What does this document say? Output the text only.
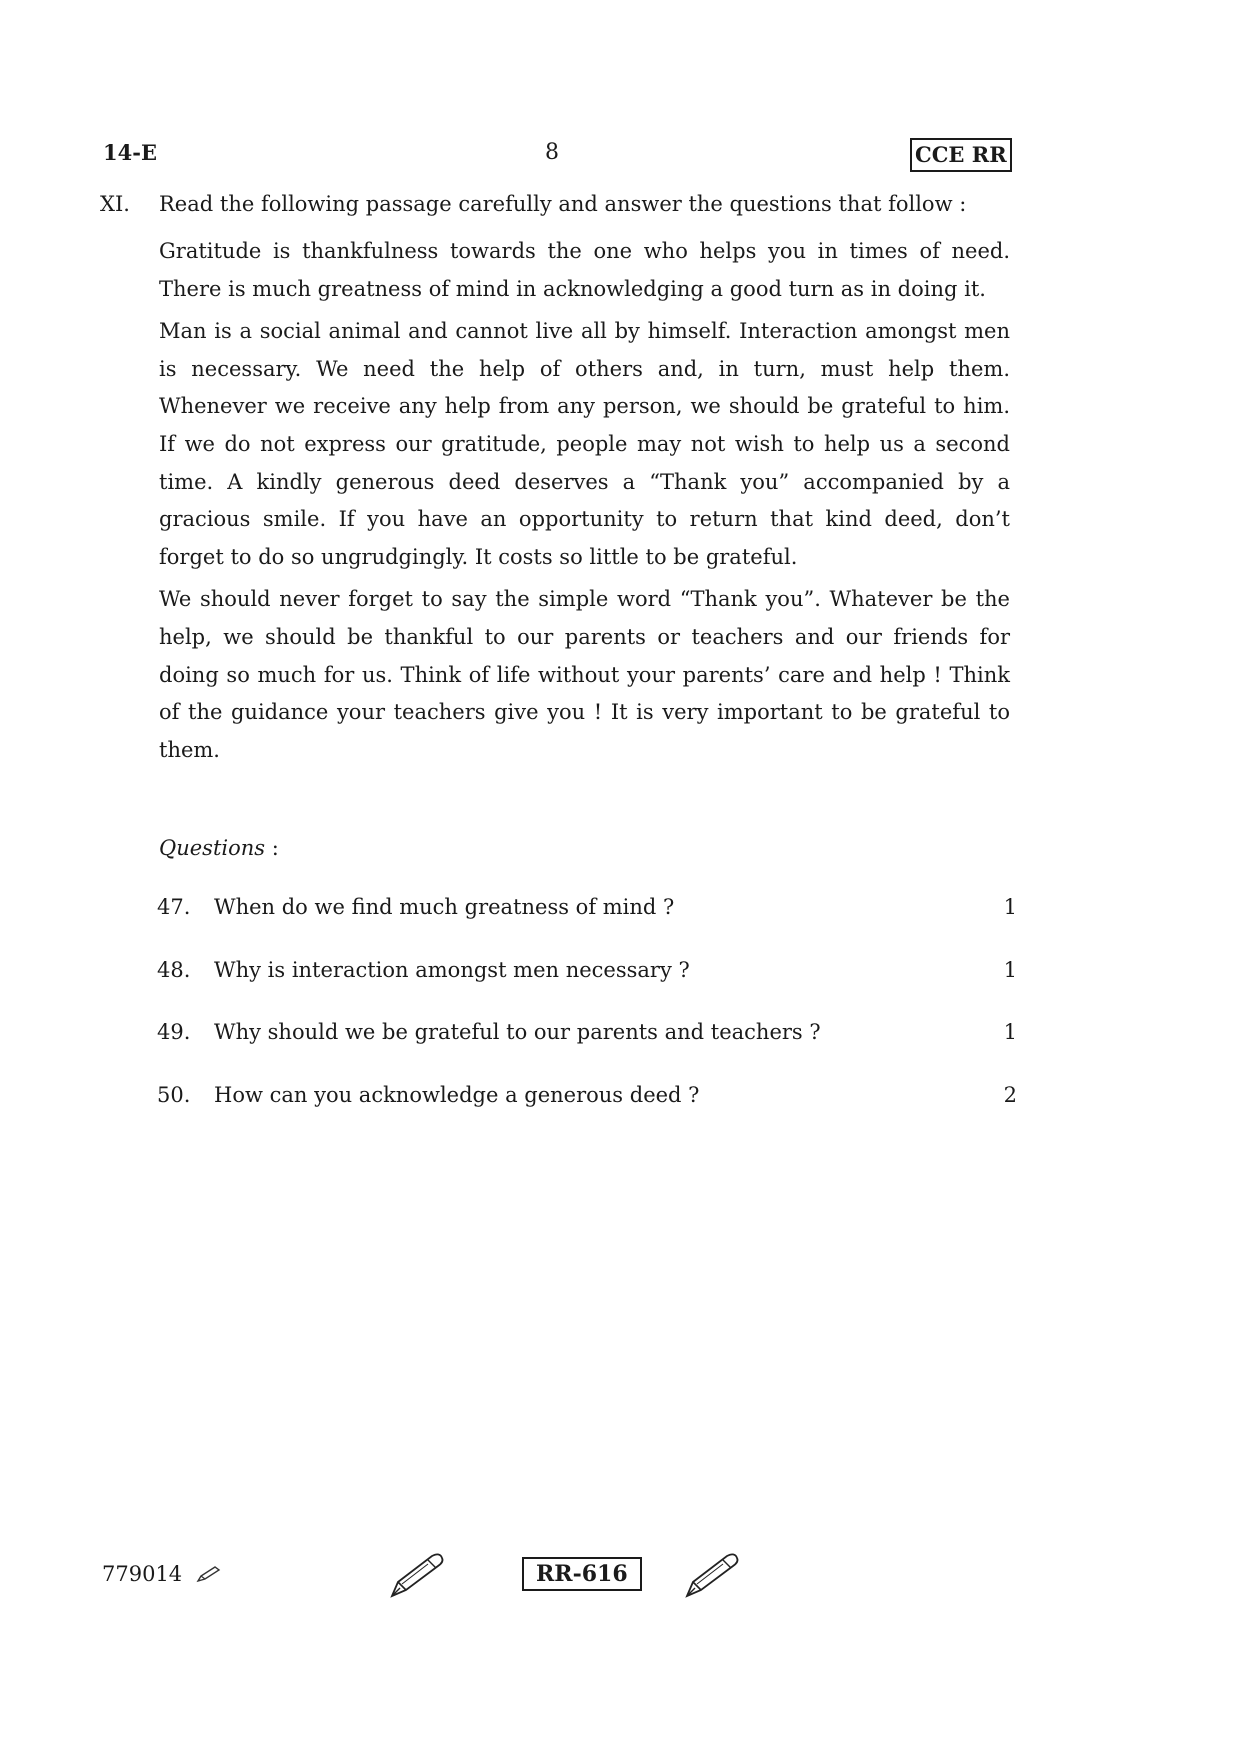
14-E	8	CCE RR
XI. Read the following passage carefully and answer the questions that follow :

Gratitude is thankfulness towards the one who helps you in times of need. There is much greatness of mind in acknowledging a good turn as in doing it.

Man is a social animal and cannot live all by himself. Interaction amongst men is necessary. We need the help of others and, in turn, must help them. Whenever we receive any help from any person, we should be grateful to him. If we do not express our gratitude, people may not wish to help us a second time. A kindly generous deed deserves a “Thank you” accompanied by a gracious smile. If you have an opportunity to return that kind deed, don’t forget to do so ungrudgingly. It costs so little to be grateful.

We should never forget to say the simple word “Thank you”. Whatever be the help, we should be thankful to our parents or teachers and our friends for doing so much for us. Think of life without your parents’ care and help ! Think of the guidance your teachers give you ! It is very important to be grateful to them.

Questions :
47. When do we find much greatness of mind ?	1
48. Why is interaction amongst men necessary ?	1
49. Why should we be grateful to our parents and teachers ?	1
50. How can you acknowledge a generous deed ?	2
779014	RR-616
